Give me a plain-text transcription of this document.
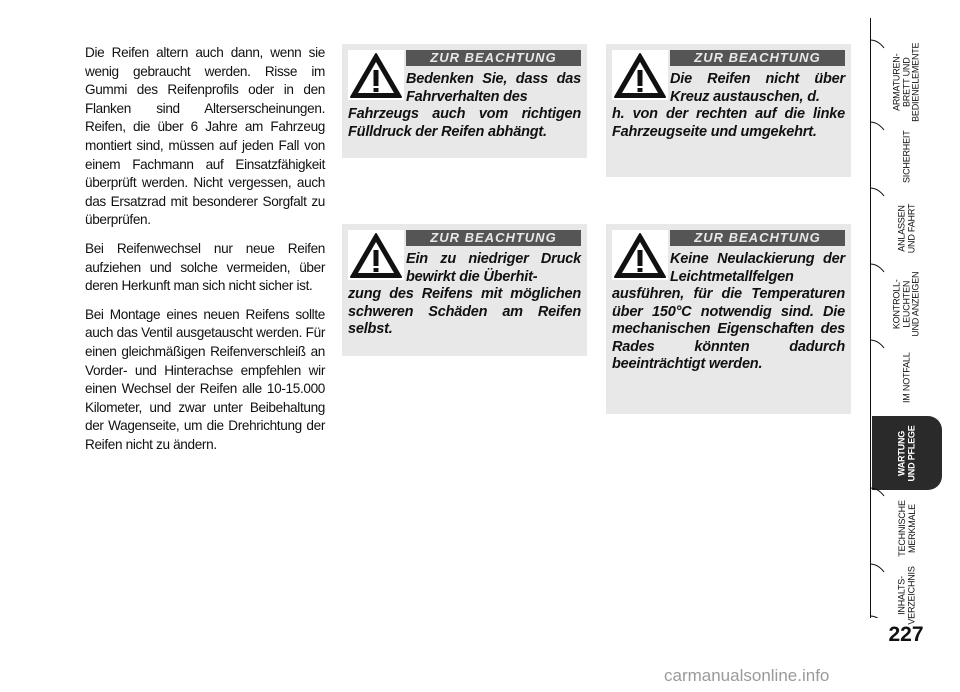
Die Reifen altern auch dann, wenn sie wenig gebraucht werden. Risse im Gummi des Reifenprofils oder in den Flanken sind Alterserscheinungen. Reifen, die über 6 Jahre am Fahrzeug montiert sind, müssen auf jeden Fall von einem Fachmann auf Einsatzfähigkeit überprüft werden. Nicht vergessen, auch das Ersatzrad mit besonderer Sorgfalt zu überprüfen.

Bei Reifenwechsel nur neue Reifen aufziehen und solche vermeiden, über deren Herkunft man sich nicht sicher ist.

Bei Montage eines neuen Reifens sollte auch das Ventil ausgetauscht werden. Für einen gleichmäßigen Reifenverschleiß an Vorder- und Hinterachse empfehlen wir einen Wechsel der Reifen alle 10-15.000 Kilometer, und zwar unter Beibehaltung der Wagenseite, um die Drehrichtung der Reifen nicht zu ändern.

ZUR BEACHTUNG
Bedenken Sie, dass das Fahrverhalten des
Fahrzeugs auch vom richtigen Fülldruck der Reifen abhängt.
ZUR BEACHTUNG
Die Reifen nicht über Kreuz austauschen, d.
h. von der rechten auf die linke Fahrzeugseite und umgekehrt.
ZUR BEACHTUNG
Ein zu niedriger Druck bewirkt die Überhit-
zung des Reifens mit möglichen schweren Schäden am Reifen selbst.
ZUR BEACHTUNG
Keine Neulackierung der Leichtmetallfelgen
ausführen, für die Temperaturen über 150°C notwendig sind. Die mechanischen Eigenschaften des Rades könnten dadurch beeinträchtigt werden.
ARMATUREN-
BRETT UND
BEDIENELEMENTE
SICHERHEIT
ANLASSEN
UND FAHRT
KONTROLL-
LEUCHTEN
UND ANZEIGEN
IM NOTFALL
WARTUNG
UND PFLEGE
TECHNISCHE
MERKMALE
INHALTS-
VERZEICHNIS
227
carmanualsonline.info
